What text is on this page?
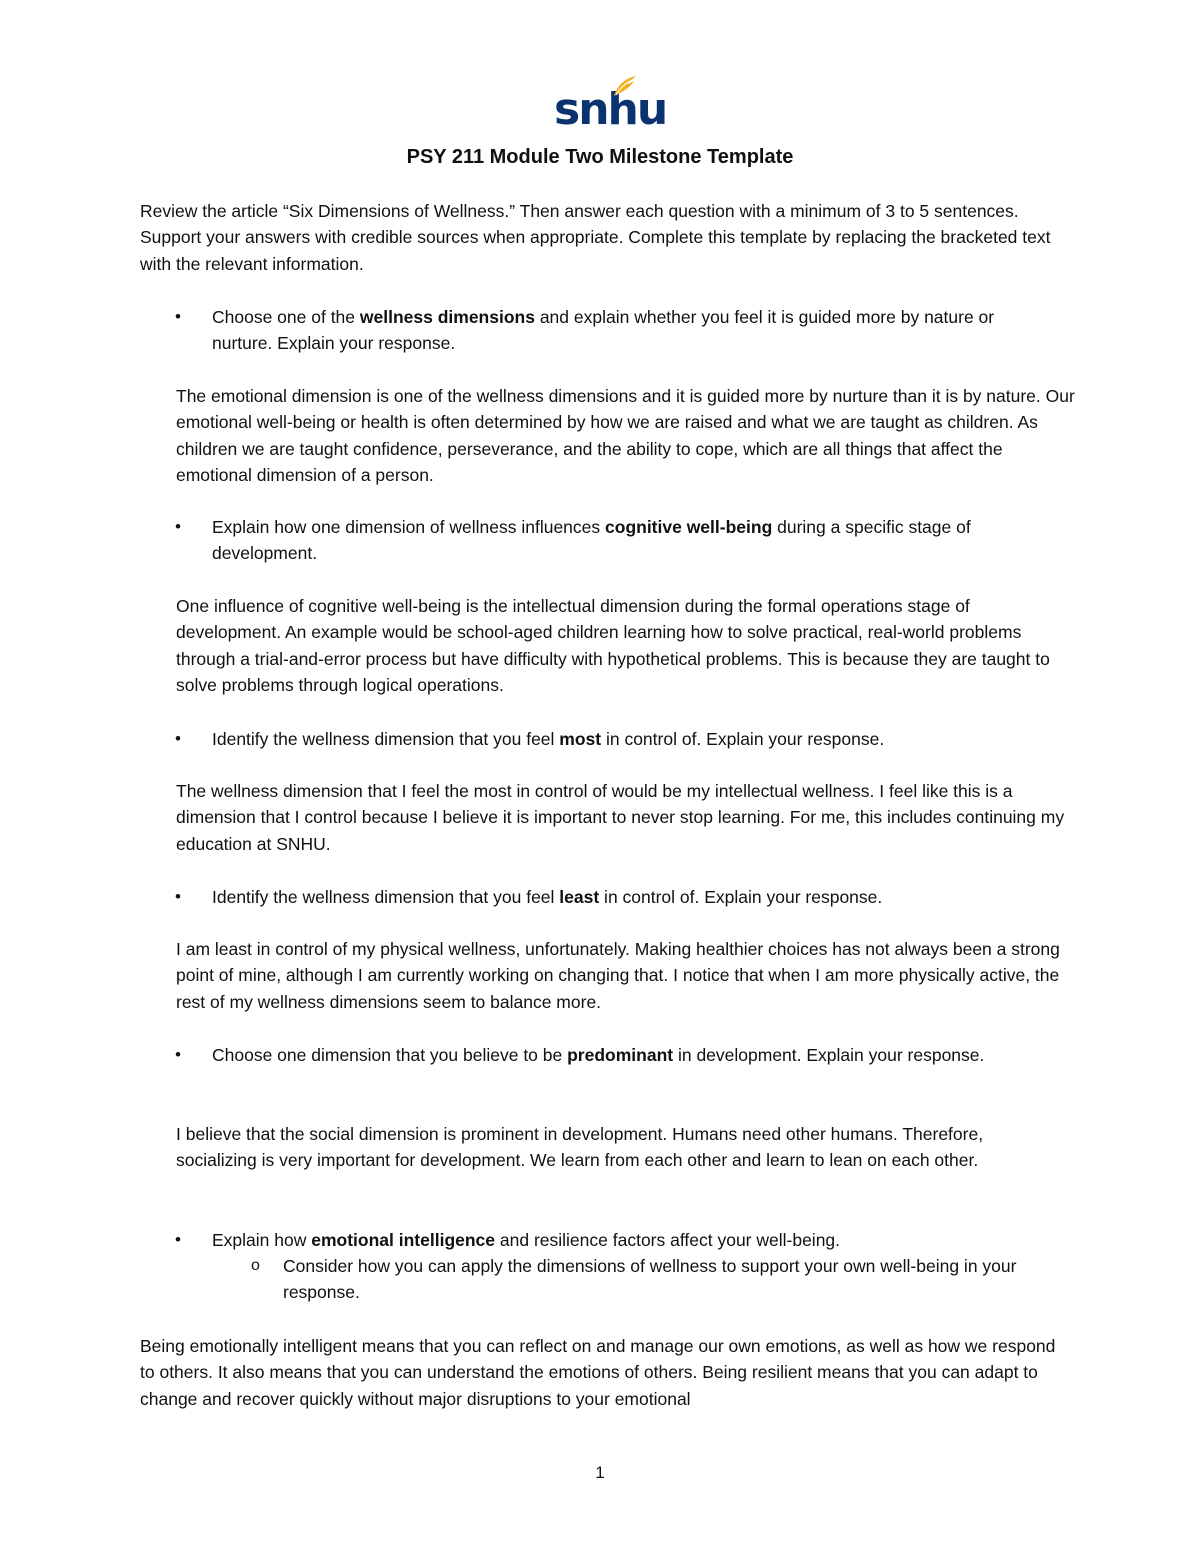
snhu
PSY 211 Module Two Milestone Template

Review the article “Six Dimensions of Wellness.” Then answer each question with a minimum of 3 to 5 sentences. Support your answers with credible sources when appropriate. Complete this template by replacing the bracketed text with the relevant information.

• Choose one of the wellness dimensions and explain whether you feel it is guided more by nature or nurture. Explain your response.

The emotional dimension is one of the wellness dimensions and it is guided more by nurture than it is by nature. Our emotional well-being or health is often determined by how we are raised and what we are taught as children. As children we are taught confidence, perseverance, and the ability to cope, which are all things that affect the emotional dimension of a person.

• Explain how one dimension of wellness influences cognitive well-being during a specific stage of development.

One influence of cognitive well-being is the intellectual dimension during the formal operations stage of development. An example would be school-aged children learning how to solve practical, real-world problems through a trial-and-error process but have difficulty with hypothetical problems. This is because they are taught to solve problems through logical operations.

• Identify the wellness dimension that you feel most in control of. Explain your response.

The wellness dimension that I feel the most in control of would be my intellectual wellness. I feel like this is a dimension that I control because I believe it is important to never stop learning. For me, this includes continuing my education at SNHU.

• Identify the wellness dimension that you feel least in control of. Explain your response.

I am least in control of my physical wellness, unfortunately. Making healthier choices has not always been a strong point of mine, although I am currently working on changing that. I notice that when I am more physically active, the rest of my wellness dimensions seem to balance more.

• Choose one dimension that you believe to be predominant in development. Explain your response.

I believe that the social dimension is prominent in development. Humans need other humans. Therefore, socializing is very important for development. We learn from each other and learn to lean on each other.

• Explain how emotional intelligence and resilience factors affect your well-being.
o Consider how you can apply the dimensions of wellness to support your own well-being in your response.

Being emotionally intelligent means that you can reflect on and manage our own emotions, as well as how we respond to others. It also means that you can understand the emotions of others. Being resilient means that you can adapt to change and recover quickly without major disruptions to your emotional

1
